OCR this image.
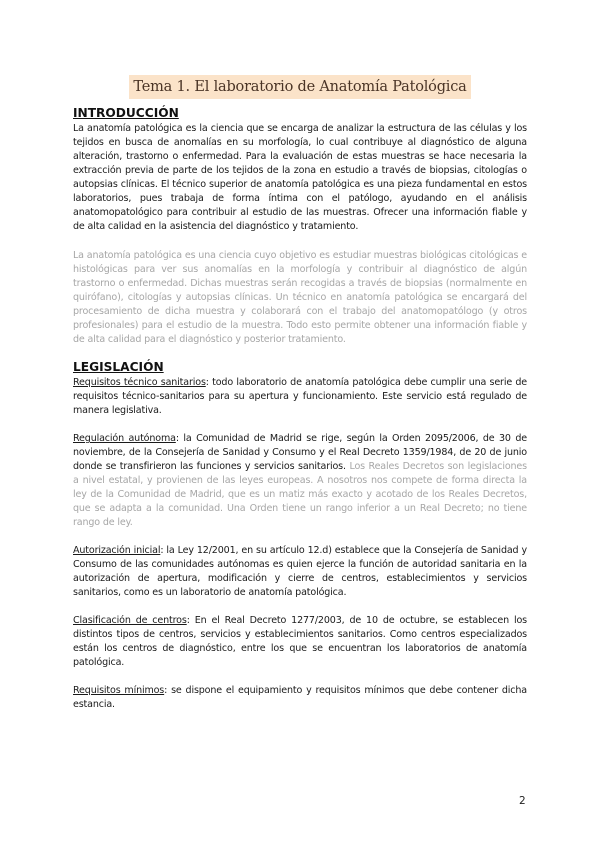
Tema 1. El laboratorio de Anatomía Patológica
INTRODUCCIÓN

La anatomía patológica es la ciencia que se encarga de analizar la estructura de las células y los tejidos en busca de anomalías en su morfología, lo cual contribuye al diagnóstico de alguna alteración, trastorno o enfermedad. Para la evaluación de estas muestras se hace necesaria la extracción previa de parte de los tejidos de la zona en estudio a través de biopsias, citologías o autopsias clínicas. El técnico superior de anatomía patológica es una pieza fundamental en estos laboratorios, pues trabaja de forma íntima con el patólogo, ayudando en el análisis anatomopatológico para contribuir al estudio de las muestras. Ofrecer una información fiable y de alta calidad en la asistencia del diagnóstico y tratamiento.

La anatomía patológica es una ciencia cuyo objetivo es estudiar muestras biológicas citológicas e histológicas para ver sus anomalías en la morfología y contribuir al diagnóstico de algún trastorno o enfermedad. Dichas muestras serán recogidas a través de biopsias (normalmente en quirófano), citologías y autopsias clínicas. Un técnico en anatomía patológica se encargará del procesamiento de dicha muestra y colaborará con el trabajo del anatomopatólogo (y otros profesionales) para el estudio de la muestra. Todo esto permite obtener una información fiable y de alta calidad para el diagnóstico y posterior tratamiento.

LEGISLACIÓN

Requisitos técnico sanitarios: todo laboratorio de anatomía patológica debe cumplir una serie de requisitos técnico-sanitarios para su apertura y funcionamiento. Este servicio está regulado de manera legislativa.

Regulación autónoma: la Comunidad de Madrid se rige, según la Orden 2095/2006, de 30 de noviembre, de la Consejería de Sanidad y Consumo y el Real Decreto 1359/1984, de 20 de junio donde se transfirieron las funciones y servicios sanitarios. Los Reales Decretos son legislaciones a nivel estatal, y provienen de las leyes europeas. A nosotros nos compete de forma directa la ley de la Comunidad de Madrid, que es un matiz más exacto y acotado de los Reales Decretos, que se adapta a la comunidad. Una Orden tiene un rango inferior a un Real Decreto; no tiene rango de ley.

Autorización inicial: la Ley 12/2001, en su artículo 12.d) establece que la Consejería de Sanidad y Consumo de las comunidades autónomas es quien ejerce la función de autoridad sanitaria en la autorización de apertura, modificación y cierre de centros, establecimientos y servicios sanitarios, como es un laboratorio de anatomía patológica.

Clasificación de centros: En el Real Decreto 1277/2003, de 10 de octubre, se establecen los distintos tipos de centros, servicios y establecimientos sanitarios. Como centros especializados están los centros de diagnóstico, entre los que se encuentran los laboratorios de anatomía patológica.

Requisitos mínimos: se dispone el equipamiento y requisitos mínimos que debe contener dicha estancia.

2
